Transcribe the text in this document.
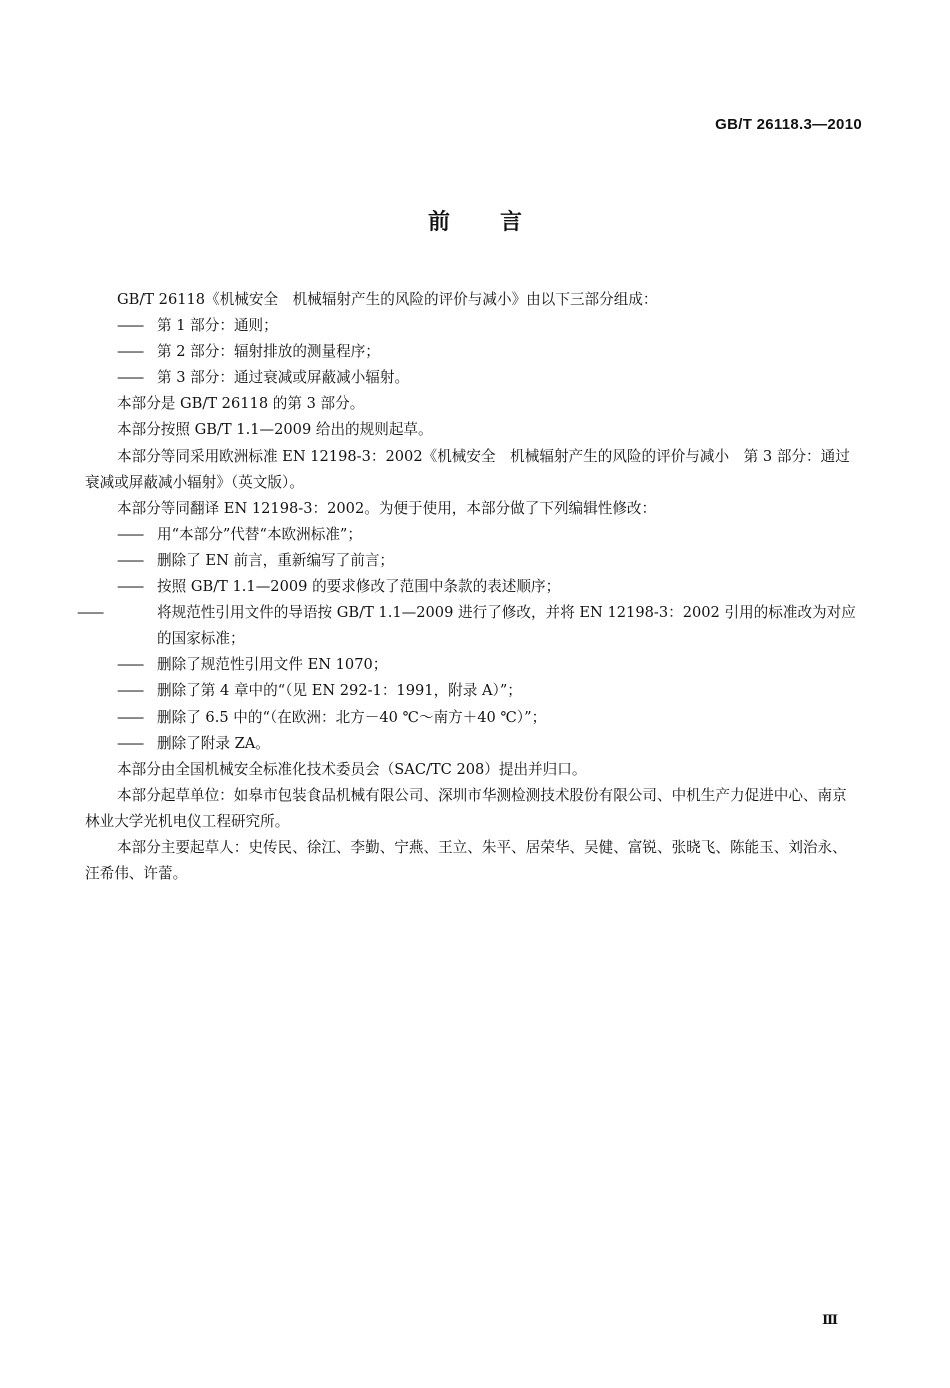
GB/T 26118.3—2010
前 言

GB/T 26118《机械安全　机械辐射产生的风险的评价与减小》由以下三部分组成：

—— 第 1 部分：通则；

—— 第 2 部分：辐射排放的测量程序；

—— 第 3 部分：通过衰减或屏蔽减小辐射。

本部分是 GB/T 26118 的第 3 部分。

本部分按照 GB/T 1.1—2009 给出的规则起草。

本部分等同采用欧洲标准 EN 12198-3：2002《机械安全　机械辐射产生的风险的评价与减小　第 3 部分：通过衰减或屏蔽减小辐射》（英文版）。

本部分等同翻译 EN 12198-3：2002。为便于使用，本部分做了下列编辑性修改：

—— 用“本部分”代替“本欧洲标准”；

—— 删除了 EN 前言，重新编写了前言；

—— 按照 GB/T 1.1—2009 的要求修改了范围中条款的表述顺序；

——	将规范性引用文件的导语按 GB/T 1.1—2009 进行了修改，并将 EN 12198-3：2002 引用的标准改为对应的国家标准；

—— 删除了规范性引用文件 EN 1070；

—— 删除了第 4 章中的“（见 EN 292-1：1991，附录 A）”；

—— 删除了 6.5 中的“（在欧洲：北方－40 ℃～南方＋40 ℃）”；

—— 删除了附录 ZA。

本部分由全国机械安全标准化技术委员会（SAC/TC 208）提出并归口。

本部分起草单位：如皋市包装食品机械有限公司、深圳市华测检测技术股份有限公司、中机生产力促进中心、南京林业大学光机电仪工程研究所。

本部分主要起草人：史传民、徐江、李勤、宁燕、王立、朱平、居荣华、吴健、富锐、张晓飞、陈能玉、刘治永、汪希伟、许蕾。

Ⅲ
